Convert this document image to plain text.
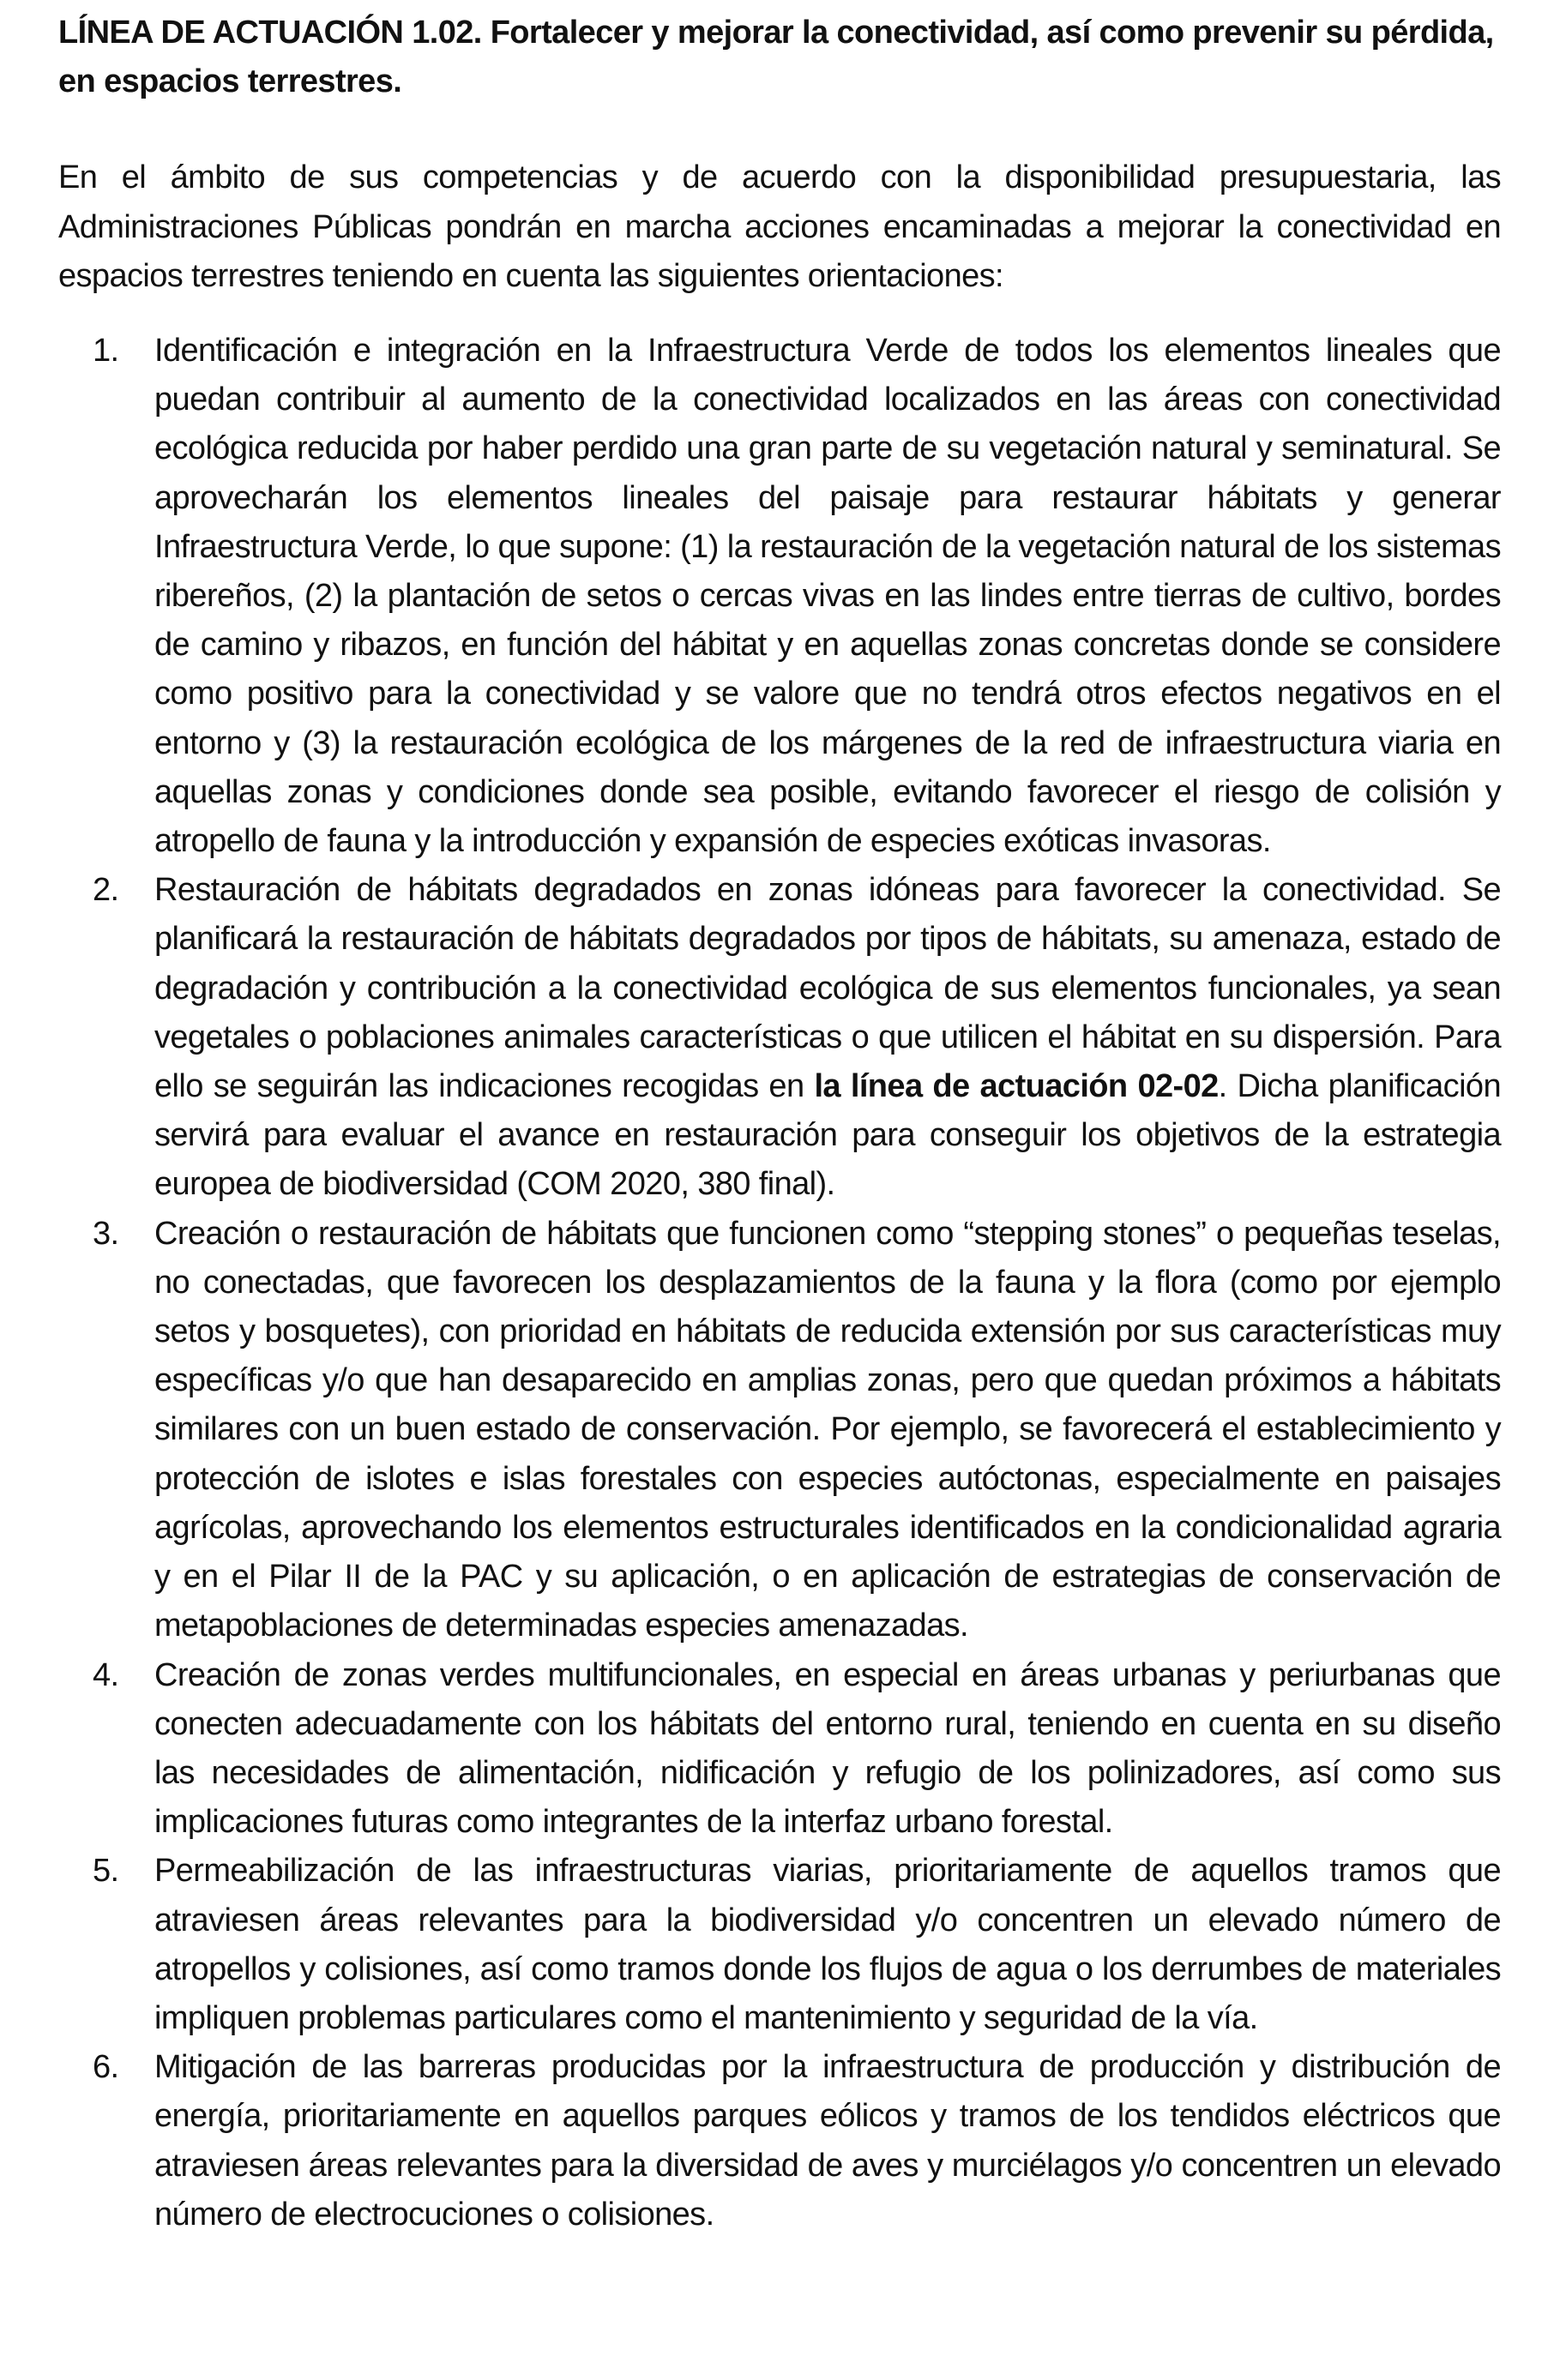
LÍNEA DE ACTUACIÓN 1.02. Fortalecer y mejorar la conectividad, así como prevenir su pérdida, en espacios terrestres.

En el ámbito de sus competencias y de acuerdo con la disponibilidad presupuestaria, las Administraciones Públicas pondrán en marcha acciones encaminadas a mejorar la conectividad en espacios terrestres teniendo en cuenta las siguientes orientaciones:

1.	Identificación e integración en la Infraestructura Verde de todos los elementos lineales que puedan contribuir al aumento de la conectividad localizados en las áreas con conectividad ecológica reducida por haber perdido una gran parte de su vegetación natural y seminatural. Se aprovecharán los elementos lineales del paisaje para restaurar hábitats y generar Infraestructura Verde, lo que supone: (1) la restauración de la vegetación natural de los sistemas ribereños, (2) la plantación de setos o cercas vivas en las lindes entre tierras de cultivo, bordes de camino y ribazos, en función del hábitat y en aquellas zonas concretas donde se considere como positivo para la conectividad y se valore que no tendrá otros efectos negativos en el entorno y (3) la restauración ecológica de los márgenes de la red de infraestructura viaria en aquellas zonas y condiciones donde sea posible, evitando favorecer el riesgo de colisión y atropello de fauna y la introducción y expansión de especies exóticas invasoras.
2.	Restauración de hábitats degradados en zonas idóneas para favorecer la conectividad. Se planificará la restauración de hábitats degradados por tipos de hábitats, su amenaza, estado de degradación y contribución a la conectividad ecológica de sus elementos funcionales, ya sean vegetales o poblaciones animales características o que utilicen el hábitat en su dispersión. Para ello se seguirán las indicaciones recogidas en la línea de actuación 02-02. Dicha planificación servirá para evaluar el avance en restauración para conseguir los objetivos de la estrategia europea de biodiversidad (COM 2020, 380 final).
3.	Creación o restauración de hábitats que funcionen como “stepping stones” o pequeñas teselas, no conectadas, que favorecen los desplazamientos de la fauna y la flora (como por ejemplo setos y bosquetes), con prioridad en hábitats de reducida extensión por sus características muy específicas y/o que han desaparecido en amplias zonas, pero que quedan próximos a hábitats similares con un buen estado de conservación. Por ejemplo, se favorecerá el establecimiento y protección de islotes e islas forestales con especies autóctonas, especialmente en paisajes agrícolas, aprovechando los elementos estructurales identificados en la condicionalidad agraria y en el Pilar II de la PAC y su aplicación, o en aplicación de estrategias de conservación de metapoblaciones de determinadas especies amenazadas.
4.	Creación de zonas verdes multifuncionales, en especial en áreas urbanas y periurbanas que conecten adecuadamente con los hábitats del entorno rural, teniendo en cuenta en su diseño las necesidades de alimentación, nidificación y refugio de los polinizadores, así como sus implicaciones futuras como integrantes de la interfaz urbano forestal.
5.	Permeabilización de las infraestructuras viarias, prioritariamente de aquellos tramos que atraviesen áreas relevantes para la biodiversidad y/o concentren un elevado número de atropellos y colisiones, así como tramos donde los flujos de agua o los derrumbes de materiales impliquen problemas particulares como el mantenimiento y seguridad de la vía.
6.	Mitigación de las barreras producidas por la infraestructura de producción y distribución de energía, prioritariamente en aquellos parques eólicos y tramos de los tendidos eléctricos que atraviesen áreas relevantes para la diversidad de aves y murciélagos y/o concentren un elevado número de electrocuciones o colisiones.
